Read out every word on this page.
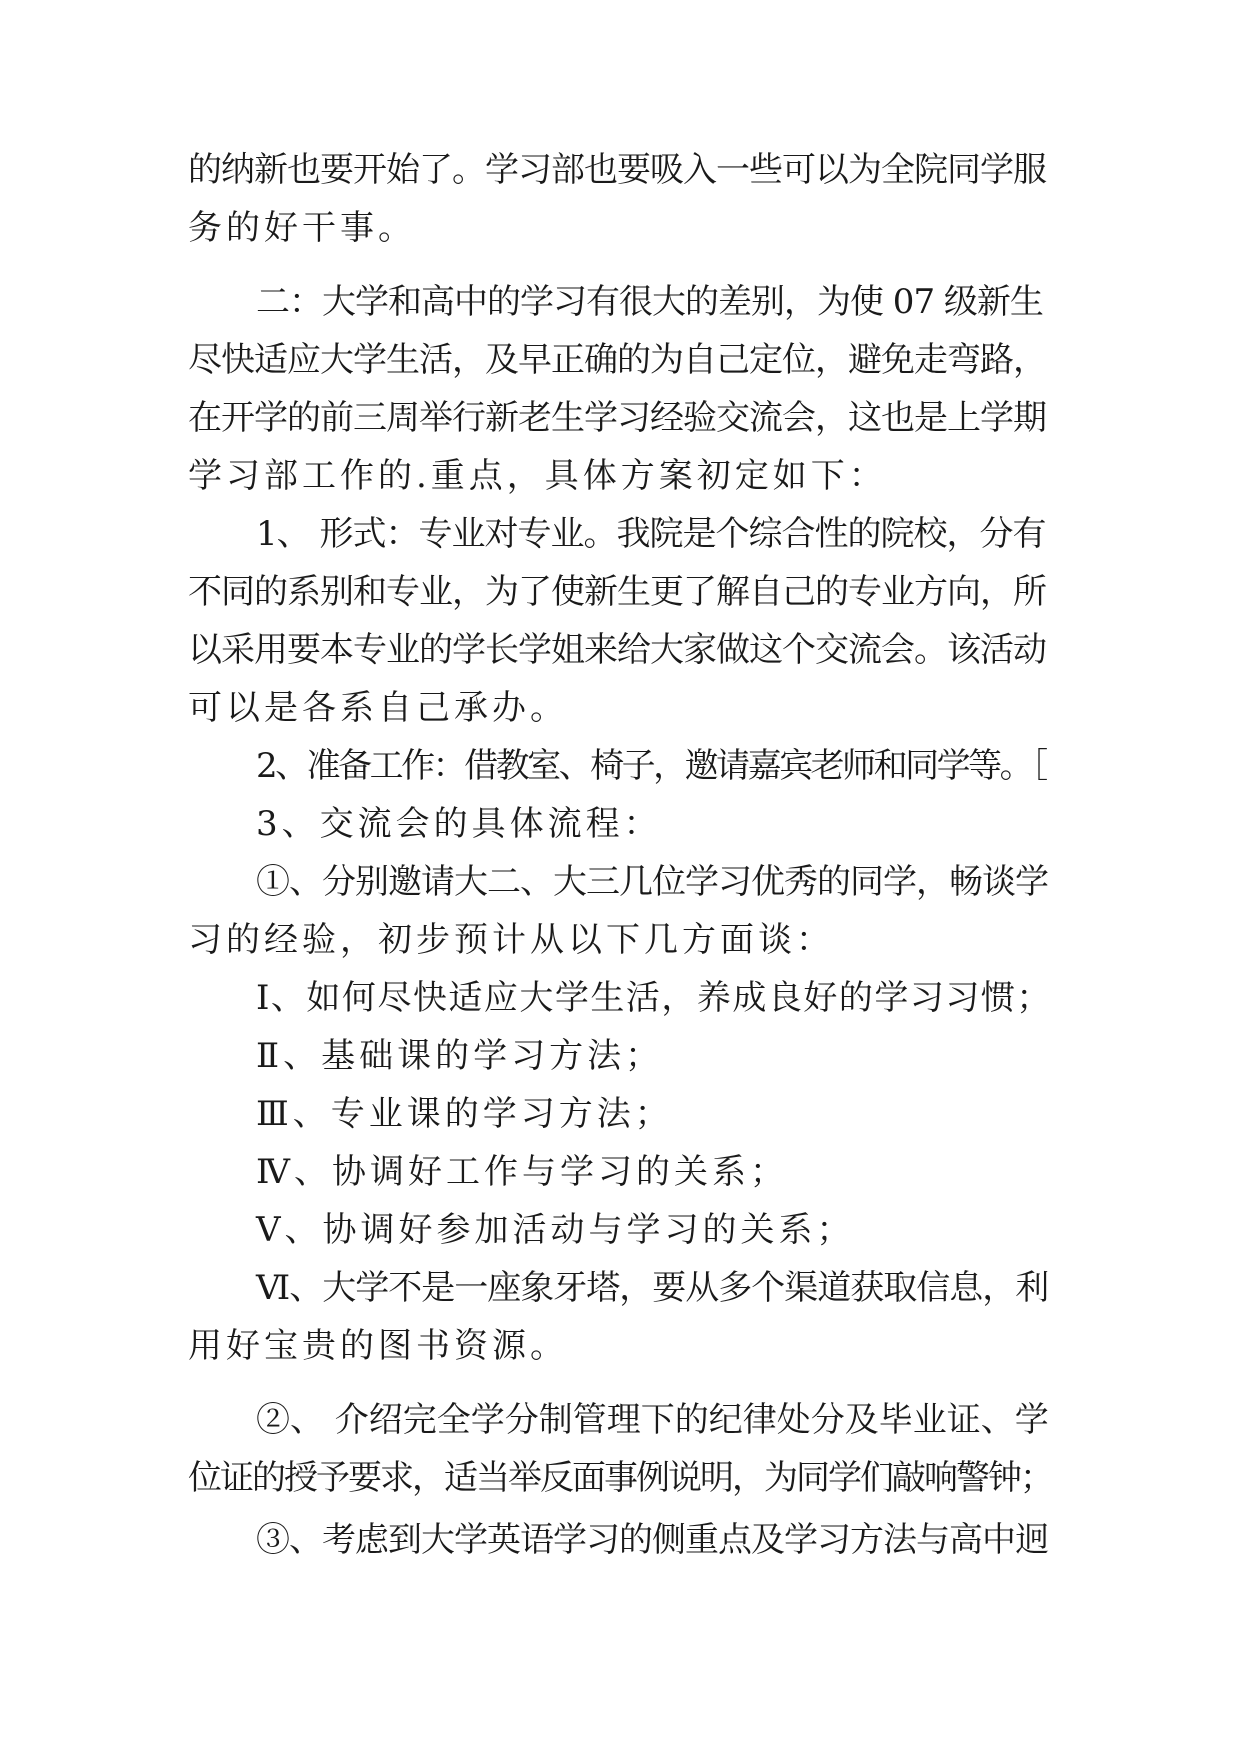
的纳新也要开始了。学习部也要吸入一些可以为全院同学服
务的好干事。
二：大学和高中的学习有很大的差别，为使 07 级新生
尽快适应大学生活，及早正确的为自己定位，避免走弯路，
在开学的前三周举行新老生学习经验交流会，这也是上学期
学习部工作的.重点，具体方案初定如下：
1、 形式：专业对专业。我院是个综合性的院校，分有
不同的系别和专业，为了使新生更了解自己的专业方向，所
以采用要本专业的学长学姐来给大家做这个交流会。该活动
可以是各系自己承办。
2、准备工作：借教室、椅子，邀请嘉宾老师和同学等。［
3、交流会的具体流程：
①、分别邀请大二、大三几位学习优秀的同学，畅谈学
习的经验，初步预计从以下几方面谈：
Ⅰ、如何尽快适应大学生活，养成良好的学习习惯；
Ⅱ、基础课的学习方法；
Ⅲ、专业课的学习方法；
Ⅳ、协调好工作与学习的关系；
Ⅴ、协调好参加活动与学习的关系；
Ⅵ、大学不是一座象牙塔，要从多个渠道获取信息，利
用好宝贵的图书资源。
②、 介绍完全学分制管理下的纪律处分及毕业证、学
位证的授予要求，适当举反面事例说明，为同学们敲响警钟；
③、考虑到大学英语学习的侧重点及学习方法与高中迥
